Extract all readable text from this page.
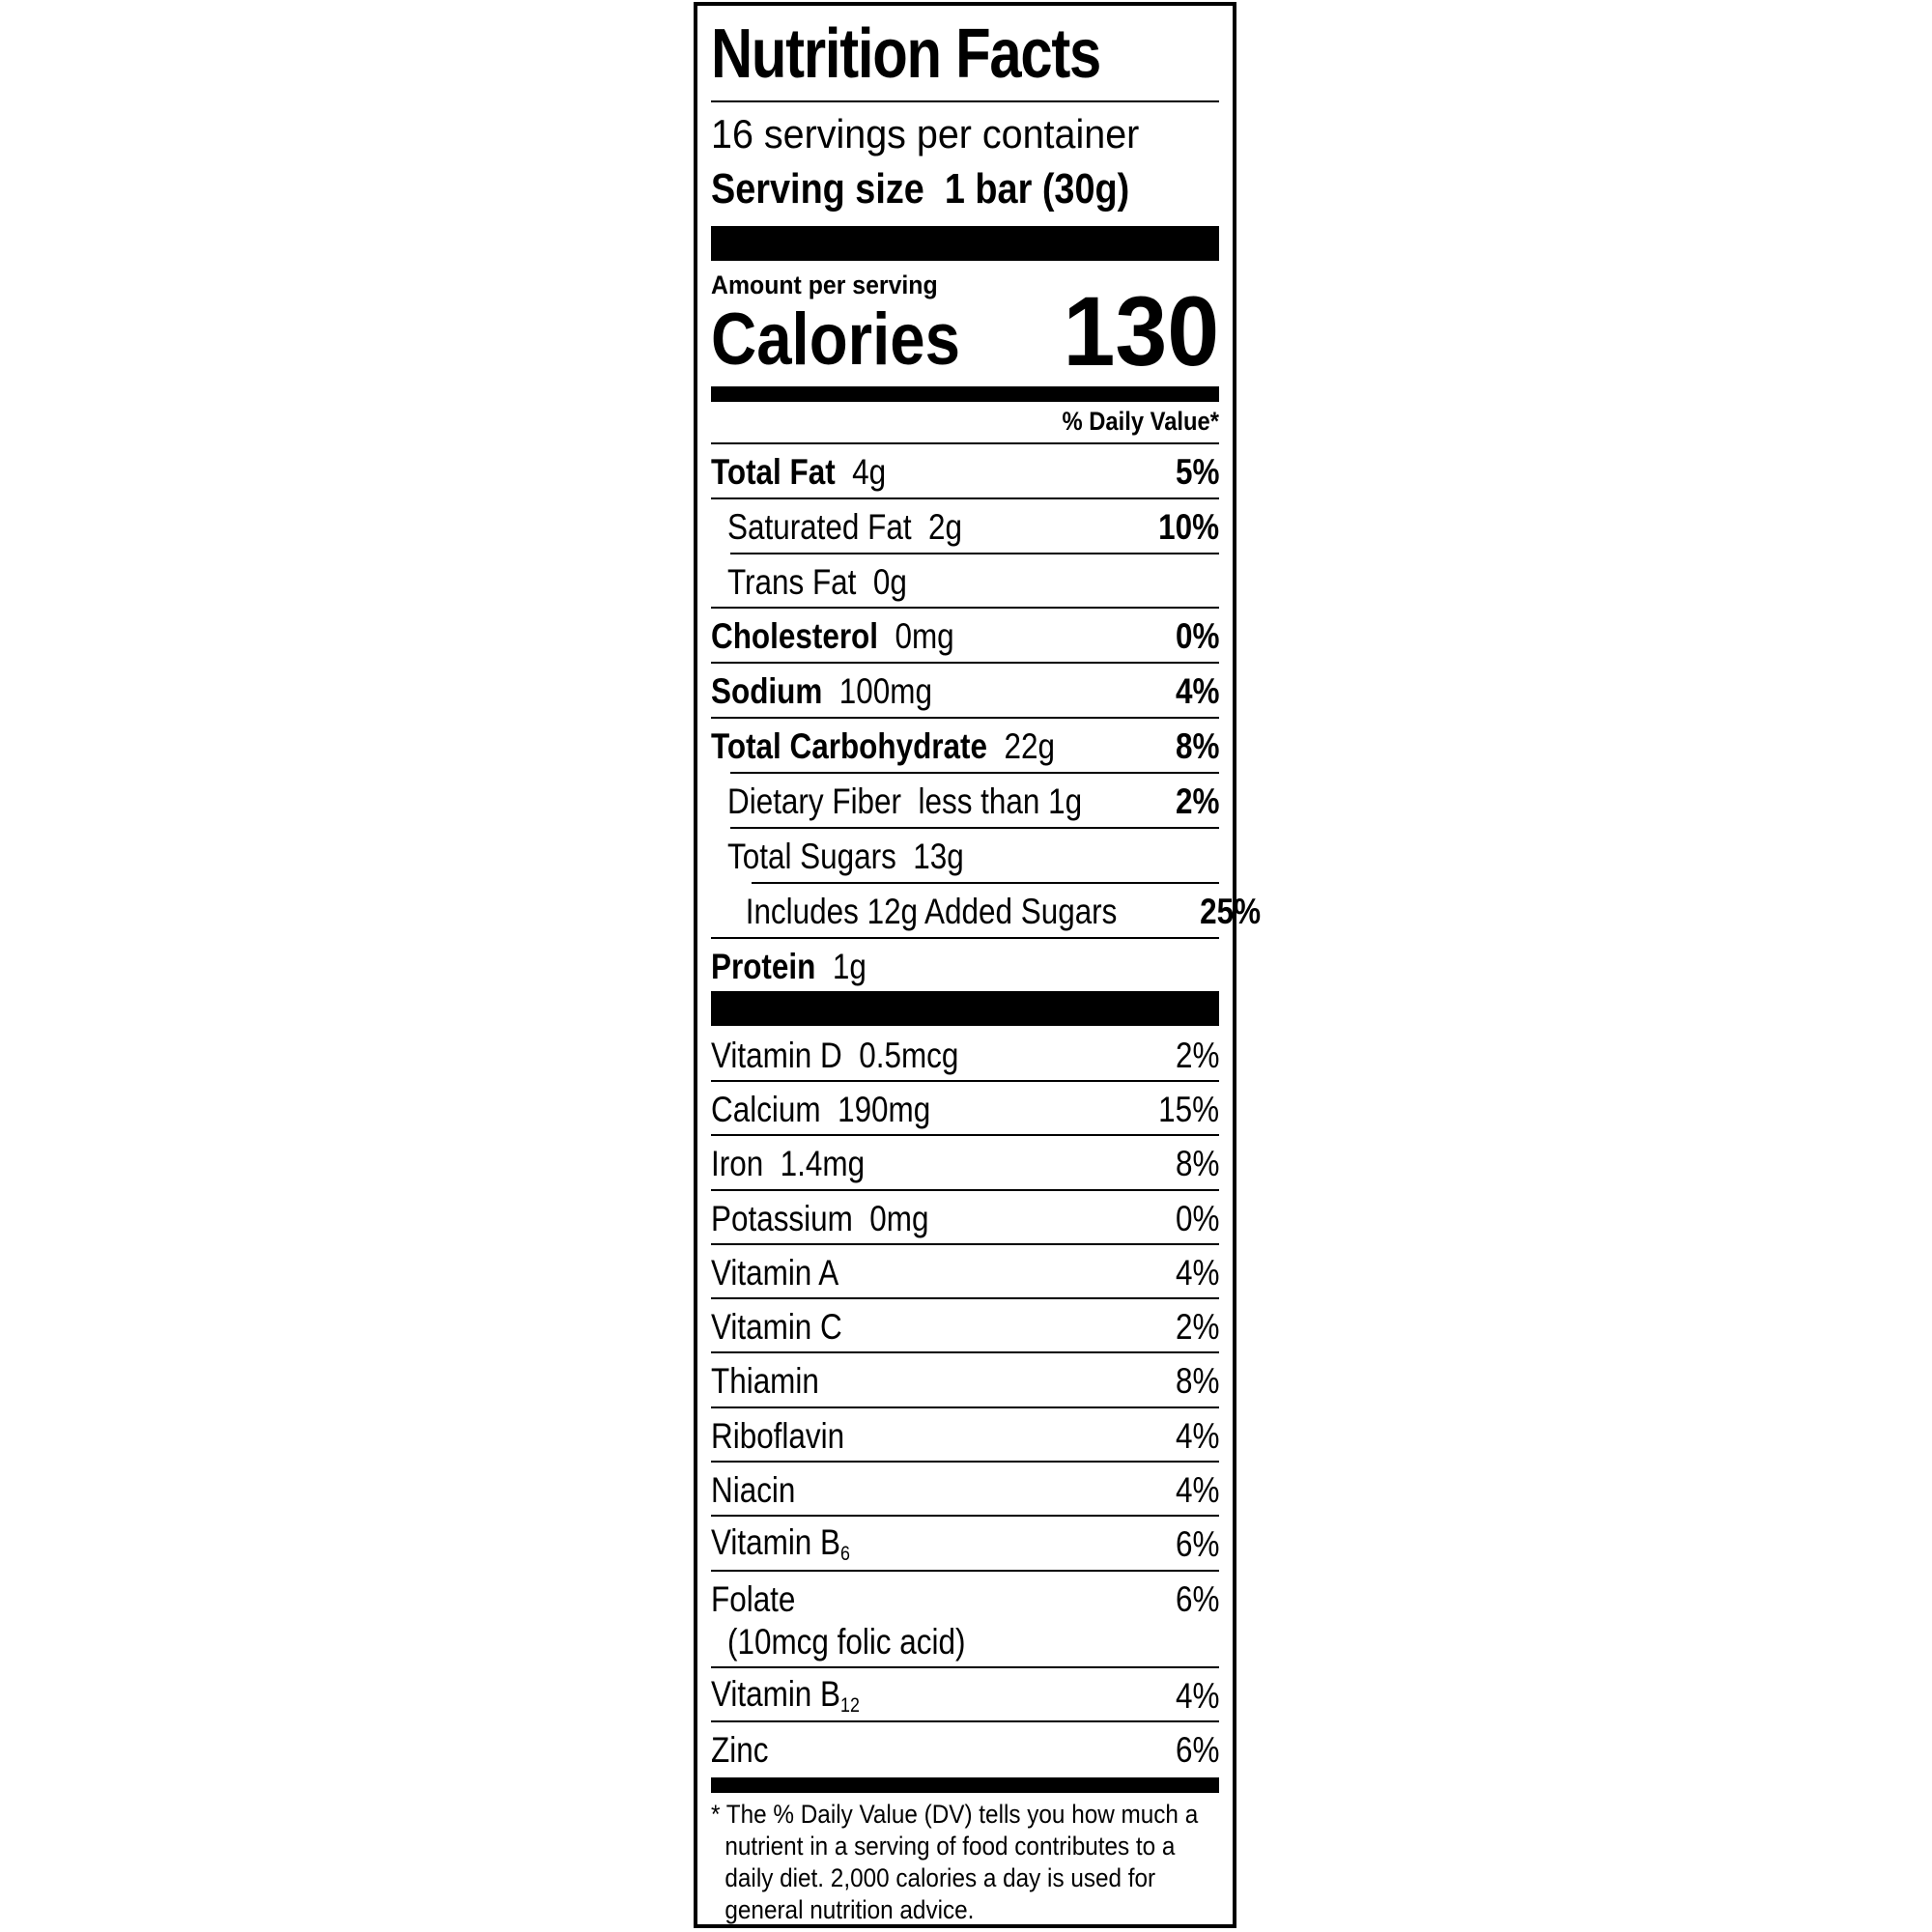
Nutrition Facts
16 servings per container
Serving size 1 bar (30g)
Amount per serving
Calories 130
% Daily Value*
Total Fat 4g	5%
Saturated Fat 2g	10%
Trans Fat 0g
Cholesterol 0mg	0%
Sodium 100mg	4%
Total Carbohydrate 22g	8%
Dietary Fiber less than 1g	2%
Total Sugars 13g
Includes 12g Added Sugars 25%
Protein 1g
Vitamin D 0.5mcg	2%
Calcium 190mg	15%
Iron 1.4mg	8%
Potassium 0mg	0%
Vitamin A	4%
Vitamin C	2%
Thiamin	8%
Riboflavin	4%
Niacin	4%
Vitamin $B_6$	6%
Folate	6%
(10mcg folic acid)
Vitamin $B_{12}$	4%
Zinc	6%
* The % Daily Value (DV) tells you how much a
nutrient in a serving of food contributes to a
daily diet. 2,000 calories a day is used for
general nutrition advice.
